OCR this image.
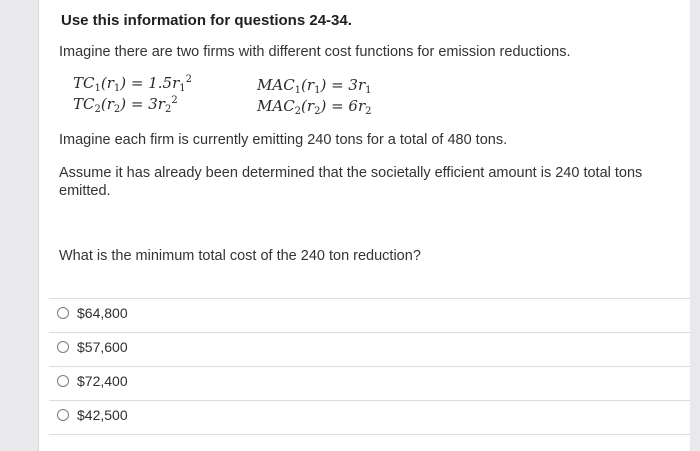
Use this information for questions 24-34.
Imagine there are two firms with different cost functions for emission reductions.
$TC_1(r_1) = 1.5r_1^2$
$TC_2(r_2) = 3r_2^2$
$MAC_1(r_1) = 3r_1$
$MAC_2(r_2) = 6r_2$
Imagine each firm is currently emitting 240 tons for a total of 480 tons.
Assume it has already been determined that the societally efficient amount is 240 total tons
emitted.
What is the minimum total cost of the 240 ton reduction?
$64,800
$57,600
$72,400
$42,500
